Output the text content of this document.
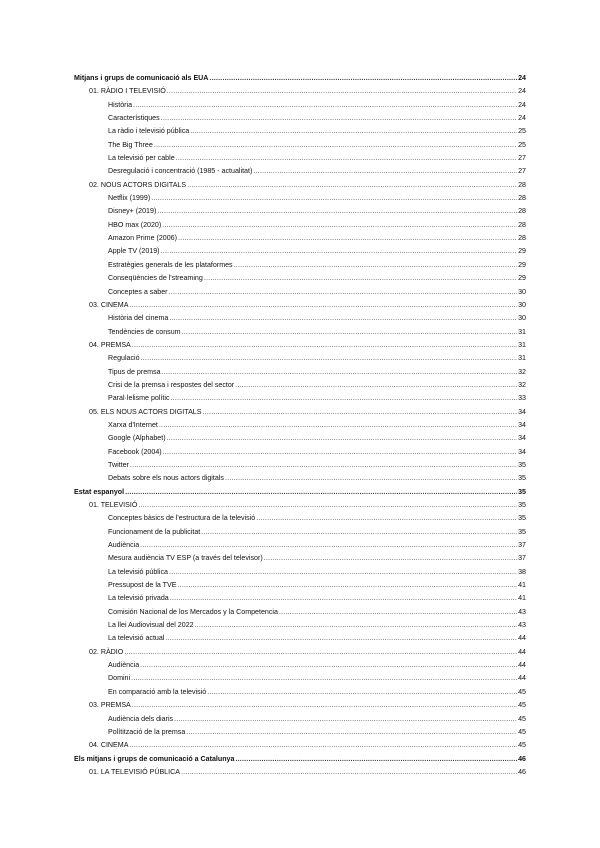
Mitjans i grups de comunicació als EUA .....	24
01. RÀDIO I TELEVISIÓ .....	24
Història .....	24
Característiques .....	24
La ràdio i televisió pública .....	25
The Big Three .....	25
La televisió per cable .....	27
Desregulació i concentració (1985 - actualitat) .....	27
02. NOUS ACTORS DIGITALS .....	28
Netflix (1999) .....	28
Disney+ (2019) .....	28
HBO max (2020) .....	28
Amazon Prime (2006) .....	28
Apple TV (2019) .....	29
Estratègies generals de les plataformes .....	29
Conseqüències de l'streaming .....	29
Conceptes a saber .....	30
03. CINEMA .....	30
Història del cinema .....	30
Tendències de consum .....	31
04. PREMSA .....	31
Regulació .....	31
Tipus de premsa .....	32
Crisi de la premsa i respostes del sector .....	32
Paral·lelisme polític .....	33
05. ELS NOUS ACTORS DIGITALS .....	34
Xarxa d'Internet .....	34
Google (Alphabet) .....	34
Facebook (2004) .....	34
Twitter .....	35
Debats sobre els nous actors digitals .....	35
Estat espanyol .....	35
01. TELEVISIÓ .....	35
Conceptes bàsics de l'estructura de la televisió .....	35
Funcionament de la publicitat .....	35
Audiència .....	37
Mesura audiència TV ESP (a través del televisor) .....	37
La televisió pública .....	38
Pressupost de la TVE .....	41
La televisió privada .....	41
Comisión Nacional de los Mercados y la Competencia .....	43
La llei Audiovisual del 2022 .....	43
La televisió actual .....	44
02. RÀDIO .....	44
Audiència .....	44
Domini .....	44
En comparació amb la televisió .....	45
03. PREMSA .....	45
Audiència dels diaris .....	45
Polítització de la premsa .....	45
04. CINEMA .....	45
Els mitjans i grups de comunicació a Catalunya .....	46
01. LA TELEVISIÓ PÚBLICA .....	46
